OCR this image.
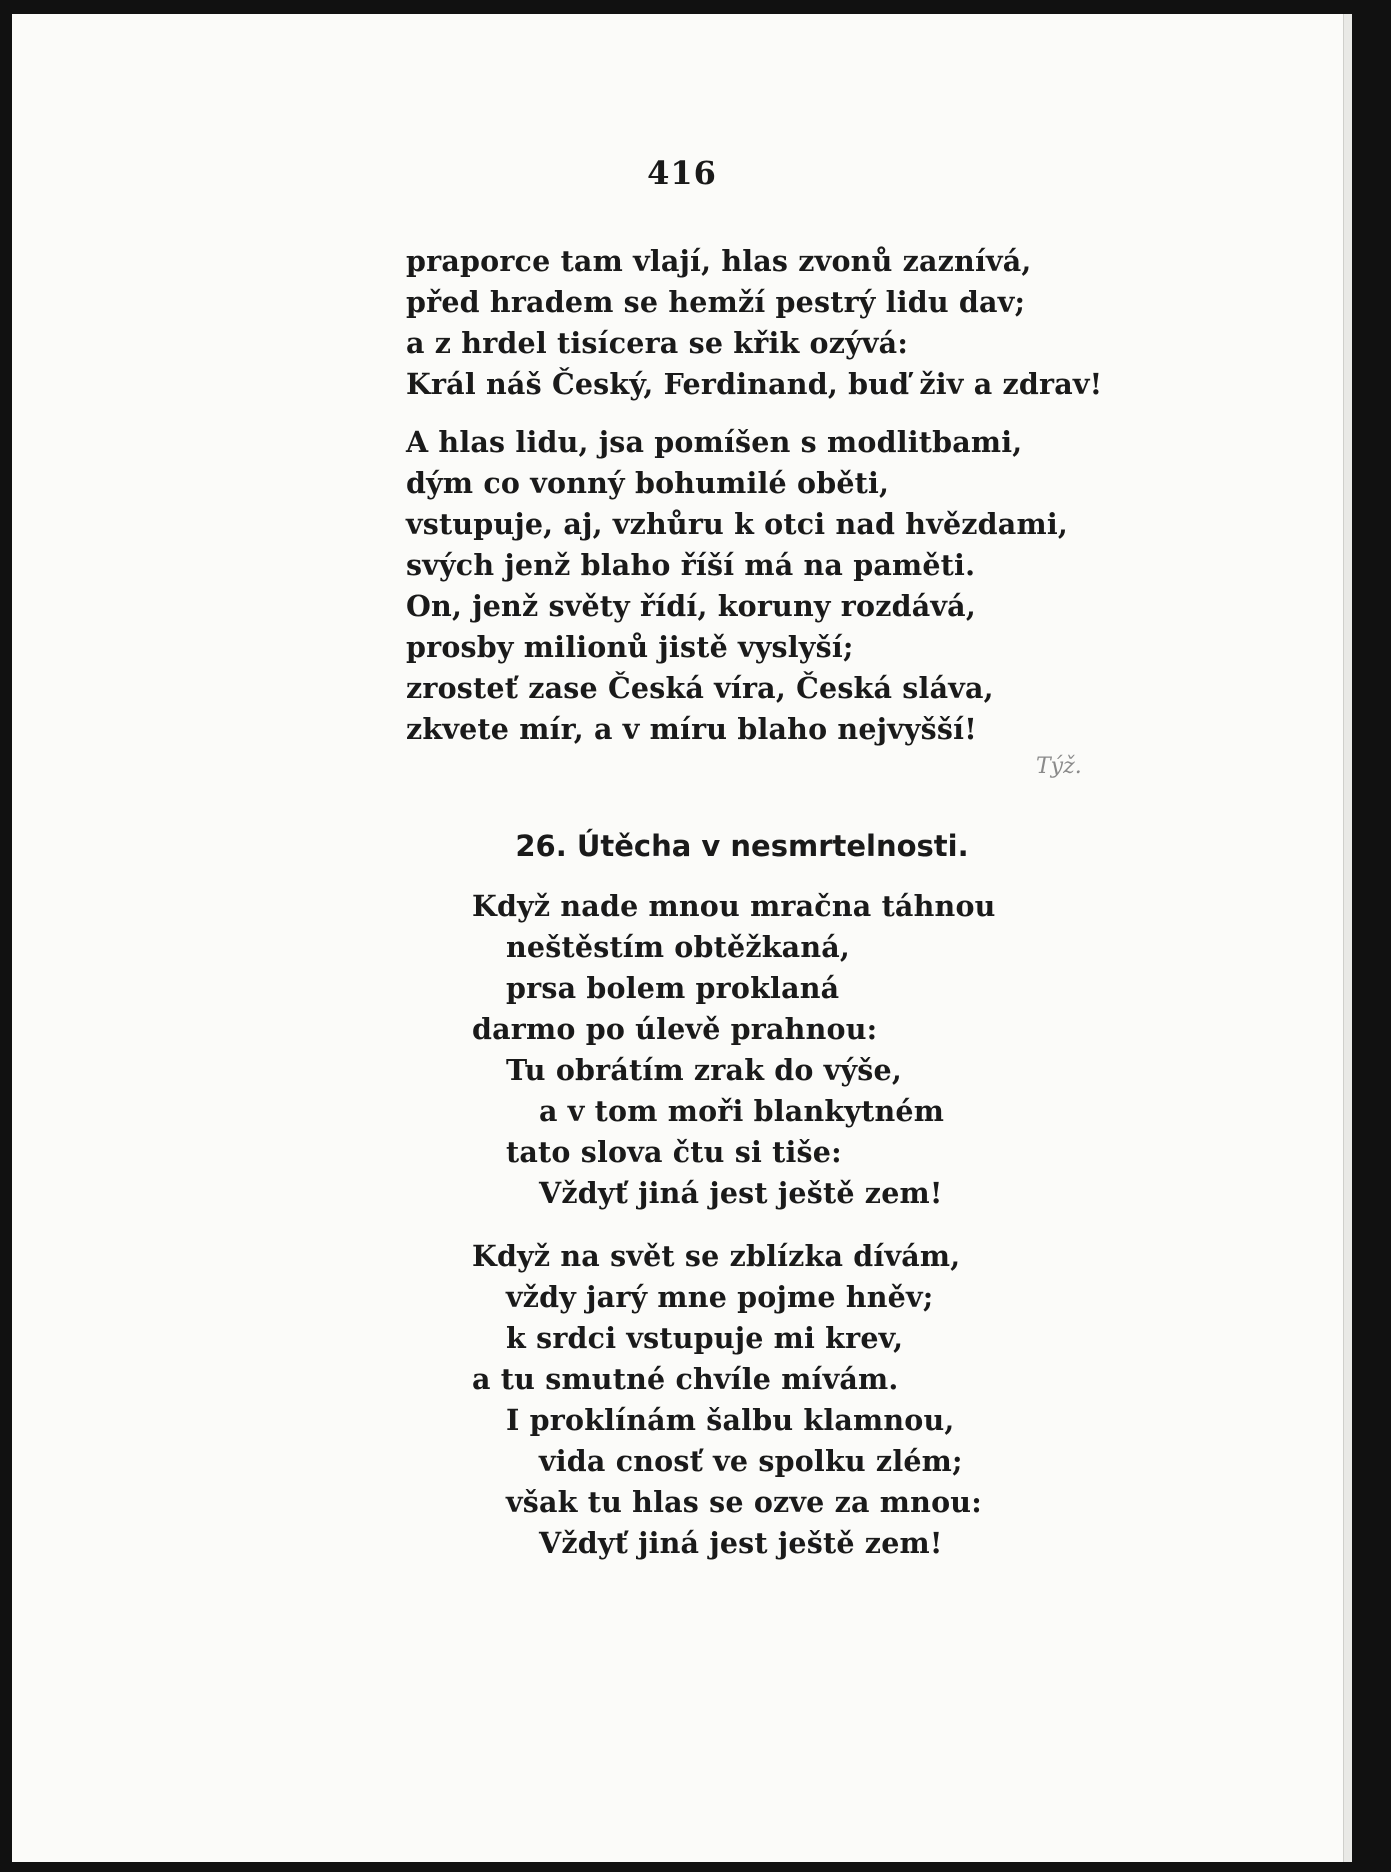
416
praporce tam vlají, hlas zvonů zaznívá,
před hradem se hemží pestrý lidu dav;
a z hrdel tisícera se křik ozývá:
Král náš Český, Ferdinand, buď živ a zdrav!
A hlas lidu, jsa pomíšen s modlitbami,
dým co vonný bohumilé oběti,
vstupuje, aj, vzhůru k otci nad hvězdami,
svých jenž blaho říší má na paměti.
On, jenž světy řídí, koruny rozdává,
prosby milionů jistě vyslyší;
zrosteť zase Česká víra, Česká sláva,
zkvete mír, a v míru blaho nejvyšší!
Týž.
26. Útěcha v nesmrtelnosti.
Když nade mnou mračna táhnou
neštěstím obtěžkaná,
prsa bolem proklaná
darmo po úlevě prahnou:
Tu obrátím zrak do výše,
a v tom moři blankytném
tato slova čtu si tiše:
Vždyť jiná jest ještě zem!
Když na svět se zblízka dívám,
vždy jarý mne pojme hněv;
k srdci vstupuje mi krev,
a tu smutné chvíle mívám.
I proklínám šalbu klamnou,
vida cnosť ve spolku zlém;
však tu hlas se ozve za mnou:
Vždyť jiná jest ještě zem!
